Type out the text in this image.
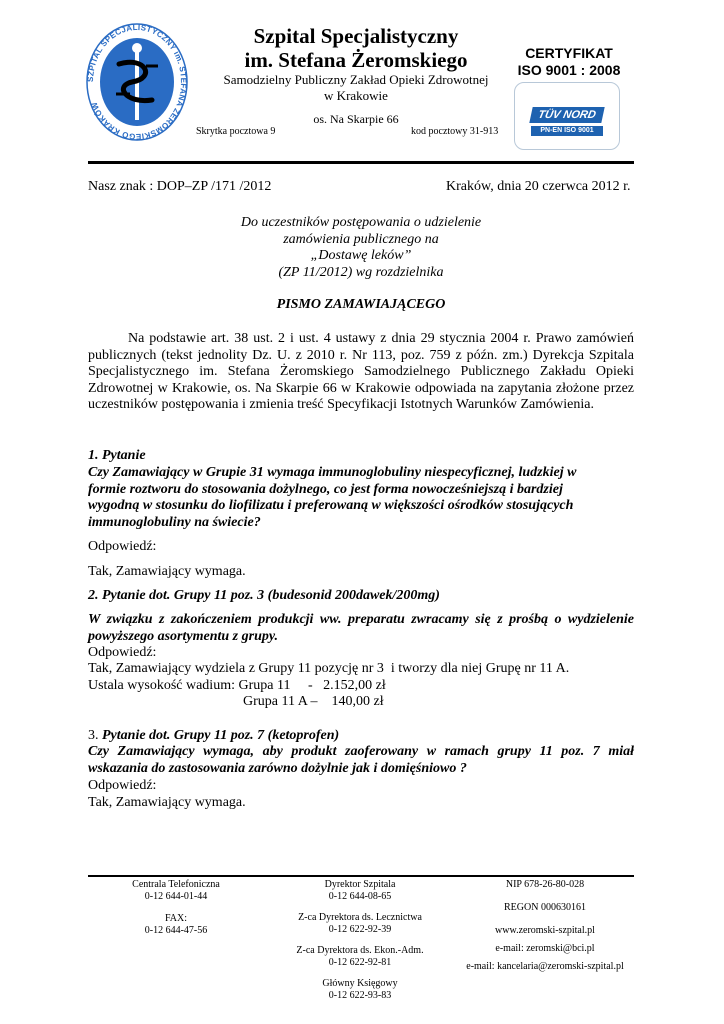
SZPITAL SPECJALISTYCZNY im. STEFANA ŻEROMSKIEGO KRAKÓW
Szpital Specjalistyczny
im. Stefana Żeromskiego
Samodzielny Publiczny Zakład Opieki Zdrowotnej
w Krakowie
os. Na Skarpie 66
Skrytka pocztowa 9	kod pocztowy 31-913
CERTYFIKAT
ISO 9001 : 2008
TÜV NORD
PN-EN ISO 9001
Nasz znak : DOP–ZP /171 /2012	Kraków, dnia 20 czerwca 2012 r.
Do uczestników postępowania o udzielenie
zamówienia publicznego na
„Dostawę leków”
(ZP 11/2012) wg rozdzielnika
PISMO ZAMAWIAJĄCEGO
Na podstawie art. 38 ust. 2 i ust. 4 ustawy z dnia 29 stycznia 2004 r. Prawo zamówień publicznych (tekst jednolity Dz. U. z 2010 r. Nr 113, poz. 759 z późn. zm.) Dyrekcja Szpitala Specjalistycznego im. Stefana Żeromskiego Samodzielnego Publicznego Zakładu Opieki Zdrowotnej w Krakowie, os. Na Skarpie 66 w Krakowie odpowiada na zapytania złożone przez uczestników postępowania i zmienia treść Specyfikacji Istotnych Warunków Zamówienia.
1. Pytanie
Czy Zamawiający w Grupie 31 wymaga immunoglobuliny niespecyficznej, ludzkiej w formie roztworu do stosowania dożylnego, co jest forma nowocześniejszą i bardziej wygodną w stosunku do liofilizatu i preferowaną w większości ośrodków stosujących immunoglobuliny na świecie?
Odpowiedź:
Tak, Zamawiający wymaga.
2. Pytanie dot. Grupy 11 poz. 3 (budesonid 200dawek/200mg)
W związku z zakończeniem produkcji ww. preparatu zwracamy się z prośbą o wydzielenie powyższego asortymentu z grupy.
Odpowiedź:
Tak, Zamawiający wydziela z Grupy 11 pozycję nr 3  i tworzy dla niej Grupę nr 11 A.
Ustala wysokość wadium: Grupa 11     -   2.152,00 zł
Grupa 11 A –    140,00 zł
3. Pytanie dot. Grupy 11 poz. 7 (ketoprofen)
Czy Zamawiający wymaga, aby produkt zaoferowany w ramach grupy 11 poz. 7 miał wskazania do zastosowania zarówno dożylnie jak i domięśniowo ?
Odpowiedź:
Tak, Zamawiający wymaga.
Centrala Telefoniczna
0-12 644-01-44
FAX:
0-12 644-47-56
Dyrektor Szpitala
0-12 644-08-65
Z-ca Dyrektora ds. Lecznictwa
0-12 622-92-39
Z-ca Dyrektora ds. Ekon.-Adm.
0-12 622-92-81
Główny Księgowy
0-12 622-93-83
NIP 678-26-80-028
REGON 000630161
www.zeromski-szpital.pl
e-mail: zeromski@bci.pl
e-mail: kancelaria@zeromski-szpital.pl
